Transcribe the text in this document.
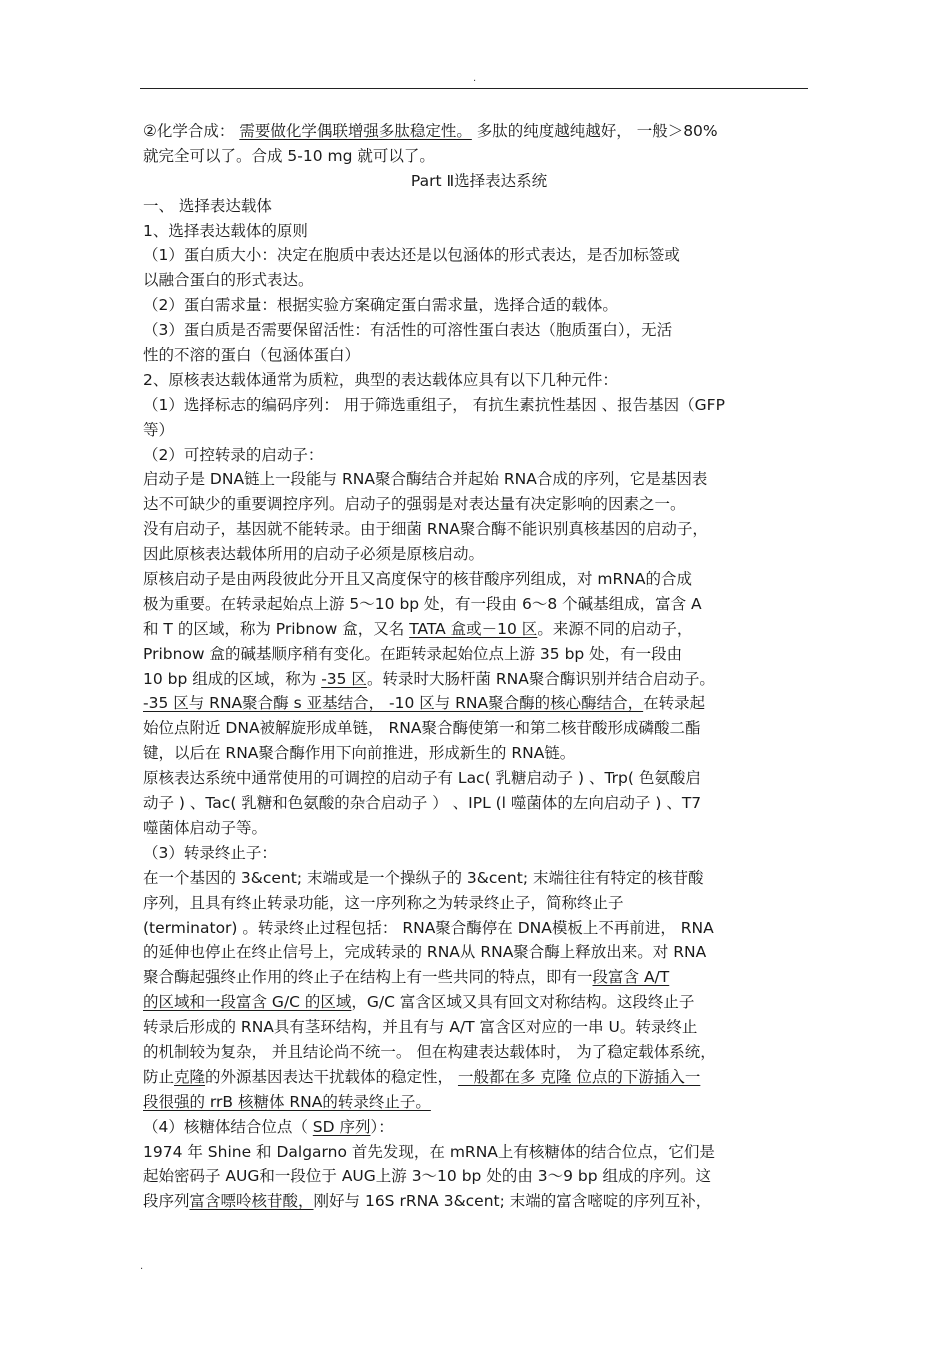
.
②化学合成： 需要做化学偶联增强多肽稳定性。 多肽的纯度越纯越好， 一般＞80%
就完全可以了。合成 5-10 mg 就可以了。
Part Ⅱ选择表达系统
一、 选择表达载体
1、选择表达载体的原则
（1）蛋白质大小：决定在胞质中表达还是以包涵体的形式表达，是否加标签或
以融合蛋白的形式表达。
（2）蛋白需求量：根据实验方案确定蛋白需求量，选择合适的载体。
（3）蛋白质是否需要保留活性：有活性的可溶性蛋白表达（胞质蛋白），无活
性的不溶的蛋白（包涵体蛋白）
2、原核表达载体通常为质粒，典型的表达载体应具有以下几种元件：
（1）选择标志的编码序列： 用于筛选重组子， 有抗生素抗性基因 、报告基因（GFP
等）
（2）可控转录的启动子：
启动子是 DNA链上一段能与 RNA聚合酶结合并起始 RNA合成的序列，它是基因表
达不可缺少的重要调控序列。启动子的强弱是对表达量有决定影响的因素之一。
没有启动子，基因就不能转录。由于细菌 RNA聚合酶不能识别真核基因的启动子，
因此原核表达载体所用的启动子必须是原核启动。
原核启动子是由两段彼此分开且又高度保守的核苷酸序列组成，对 mRNA的合成
极为重要。在转录起始点上游 5～10 bp 处，有一段由 6～8 个碱基组成，富含 A
和 T 的区域，称为 Pribnow 盒，又名 TATA 盒或－10 区。来源不同的启动子，
Pribnow 盒的碱基顺序稍有变化。在距转录起始位点上游 35 bp 处，有一段由
10 bp 组成的区域，称为 -35 区。转录时大肠杆菌 RNA聚合酶识别并结合启动子。
-35 区与 RNA聚合酶 s 亚基结合， -10 区与 RNA聚合酶的核心酶结合，在转录起
始位点附近 DNA被解旋形成单链， RNA聚合酶使第一和第二核苷酸形成磷酸二酯
键，以后在 RNA聚合酶作用下向前推进，形成新生的 RNA链。
原核表达系统中通常使用的可调控的启动子有 Lac( 乳糖启动子 ) 、Trp( 色氨酸启
动子 ) 、Tac( 乳糖和色氨酸的杂合启动子 ） 、IPL (l 噬菌体的左向启动子 ) 、T7
噬菌体启动子等。
（3）转录终止子：
在一个基因的 3&cent; 末端或是一个操纵子的 3&cent; 末端往往有特定的核苷酸
序列，且具有终止转录功能，这一序列称之为转录终止子，简称终止子
(terminator) 。转录终止过程包括： RNA聚合酶停在 DNA模板上不再前进， RNA
的延伸也停止在终止信号上，完成转录的 RNA从 RNA聚合酶上释放出来。对 RNA
聚合酶起强终止作用的终止子在结构上有一些共同的特点，即有一段富含 A/T
的区域和一段富含 G/C 的区域，G/C 富含区域又具有回文对称结构。这段终止子
转录后形成的 RNA具有茎环结构，并且有与 A/T 富含区对应的一串 U。转录终止
的机制较为复杂， 并且结论尚不统一。 但在构建表达载体时， 为了稳定载体系统，
防止克隆的外源基因表达干扰载体的稳定性， 一般都在多 克隆 位点的下游插入一
段很强的 rrB 核糖体 RNA的转录终止子。
（4）核糖体结合位点（ SD 序列）：
1974 年 Shine 和 Dalgarno 首先发现，在 mRNA上有核糖体的结合位点，它们是
起始密码子 AUG和一段位于 AUG上游 3～10 bp 处的由 3～9 bp 组成的序列。这
段序列富含嘌呤核苷酸，刚好与 16S rRNA 3&cent; 末端的富含嘧啶的序列互补，
.
